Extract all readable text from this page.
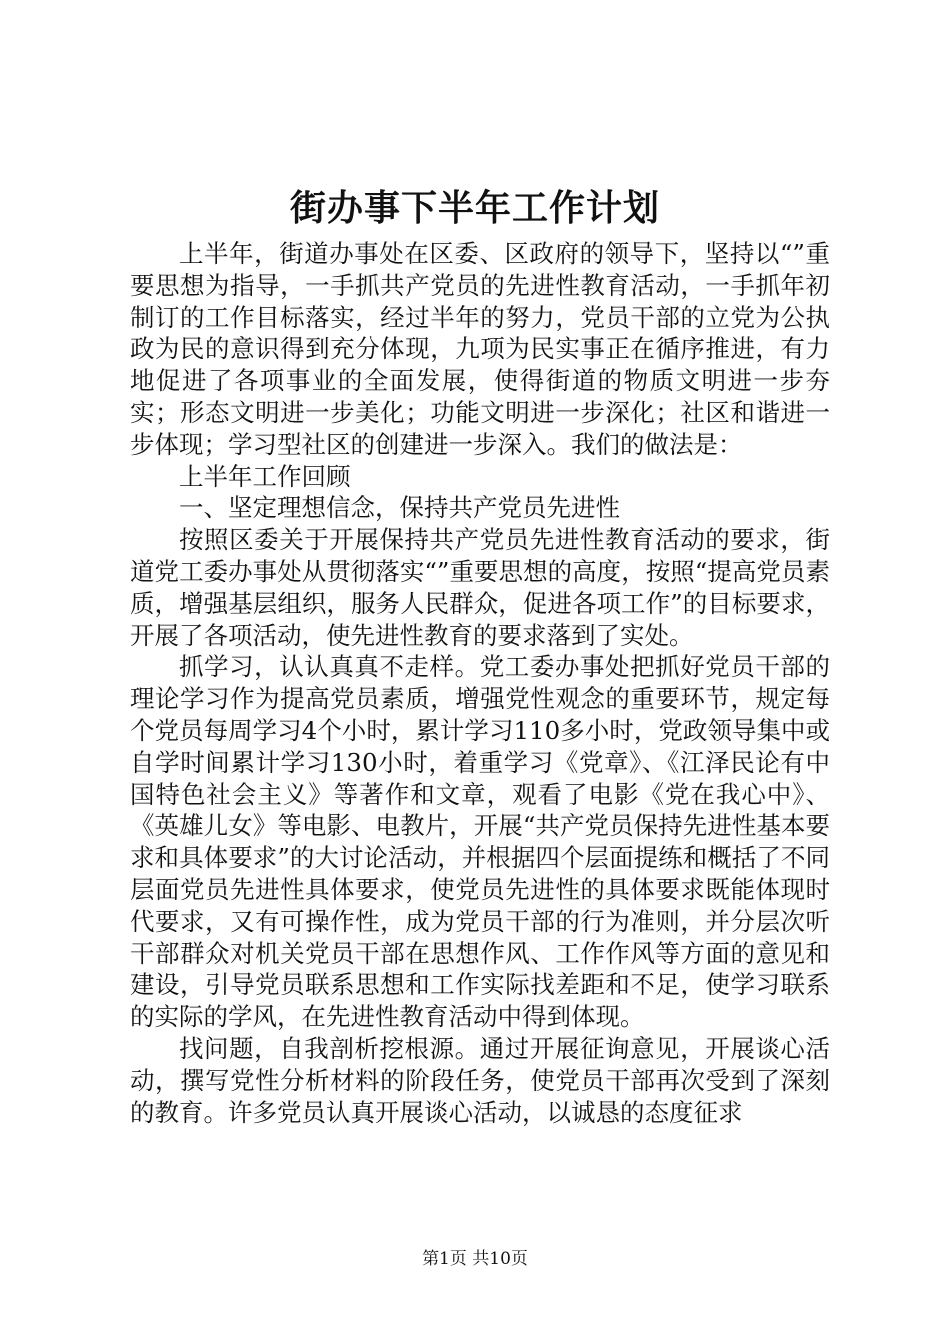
街办事下半年工作计划

上半年，街道办事处在区委、区政府的领导下，坚持以“”重要思想为指导，一手抓共产党员的先进性教育活动，一手抓年初制订的工作目标落实，经过半年的努力，党员干部的立党为公执政为民的意识得到充分体现，九项为民实事正在循序推进，有力地促进了各项事业的全面发展，使得街道的物质文明进一步夯实；形态文明进一步美化；功能文明进一步深化；社区和谐进一步体现；学习型社区的创建进一步深入。我们的做法是：

上半年工作回顾

一、坚定理想信念，保持共产党员先进性

按照区委关于开展保持共产党员先进性教育活动的要求，街道党工委办事处从贯彻落实“”重要思想的高度，按照“提高党员素质，增强基层组织，服务人民群众，促进各项工作”的目标要求，开展了各项活动，使先进性教育的要求落到了实处。

抓学习，认认真真不走样。党工委办事处把抓好党员干部的理论学习作为提高党员素质，增强党性观念的重要环节，规定每个党员每周学习4个小时，累计学习110多小时，党政领导集中或自学时间累计学习130小时，着重学习《党章》、《江泽民论有中国特色社会主义》等著作和文章，观看了电影《党在我心中》、《英雄儿女》等电影、电教片，开展“共产党员保持先进性基本要求和具体要求”的大讨论活动，并根据四个层面提练和概括了不同层面党员先进性具体要求，使党员先进性的具体要求既能体现时代要求，又有可操作性，成为党员干部的行为准则，并分层次听干部群众对机关党员干部在思想作风、工作作风等方面的意见和建设，引导党员联系思想和工作实际找差距和不足，使学习联系的实际的学风，在先进性教育活动中得到体现。

找问题，自我剖析挖根源。通过开展征询意见，开展谈心活动，撰写党性分析材料的阶段任务，使党员干部再次受到了深刻的教育。许多党员认真开展谈心活动，以诚恳的态度征求

第1页 共10页
